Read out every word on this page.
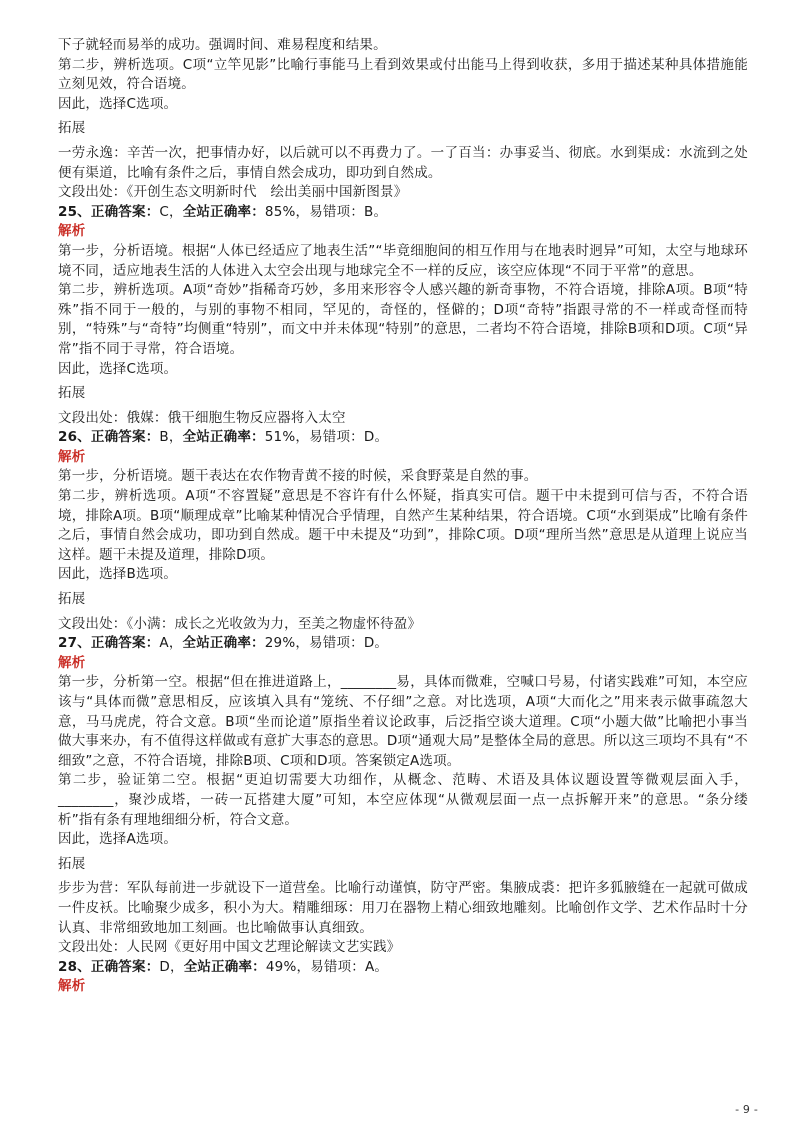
下子就轻而易举的成功。强调时间、难易程度和结果。

第二步，辨析选项。C项“立竿见影”比喻行事能马上看到效果或付出能马上得到收获，多用于描述某种具体措施能立刻见效，符合语境。

因此，选择C选项。

拓展

一劳永逸：辛苦一次，把事情办好，以后就可以不再费力了。一了百当：办事妥当、彻底。水到渠成：水流到之处便有渠道，比喻有条件之后，事情自然会成功，即功到自然成。

文段出处：《开创生态文明新时代　绘出美丽中国新图景》

25、正确答案：C，全站正确率：85%，易错项：B。

解析

第一步，分析语境。根据“人体已经适应了地表生活”“毕竟细胞间的相互作用与在地表时迥异”可知，太空与地球环境不同，适应地表生活的人体进入太空会出现与地球完全不一样的反应，该空应体现“不同于平常”的意思。

第二步，辨析选项。A项“奇妙”指稀奇巧妙，多用来形容令人感兴趣的新奇事物，不符合语境，排除A项。B项“特殊”指不同于一般的，与别的事物不相同，罕见的，奇怪的，怪僻的；D项“奇特”指跟寻常的不一样或奇怪而特别，“特殊”与“奇特”均侧重“特别”，而文中并未体现“特别”的意思，二者均不符合语境，排除B项和D项。C项“异常”指不同于寻常，符合语境。

因此，选择C选项。

拓展

文段出处：俄媒：俄干细胞生物反应器将入太空

26、正确答案：B，全站正确率：51%，易错项：D。

解析

第一步，分析语境。题干表达在农作物青黄不接的时候，采食野菜是自然的事。

第二步，辨析选项。A项“不容置疑”意思是不容许有什么怀疑，指真实可信。题干中未提到可信与否，不符合语境，排除A项。B项“顺理成章”比喻某种情况合乎情理，自然产生某种结果，符合语境。C项“水到渠成”比喻有条件之后，事情自然会成功，即功到自然成。题干中未提及“功到”，排除C项。D项“理所当然”意思是从道理上说应当这样。题干未提及道理，排除D项。

因此，选择B选项。

拓展

文段出处：《小满：成长之光收敛为力，至美之物虚怀待盈》

27、正确答案：A，全站正确率：29%，易错项：D。

解析

第一步，分析第一空。根据“但在推进道路上，________易，具体而微难，空喊口号易，付诸实践难”可知，本空应该与“具体而微”意思相反，应该填入具有“笼统、不仔细”之意。对比选项，A项“大而化之”用来表示做事疏忽大意，马马虎虎，符合文意。B项“坐而论道”原指坐着议论政事，后泛指空谈大道理。C项“小题大做”比喻把小事当做大事来办，有不值得这样做或有意扩大事态的意思。D项“通观大局”是整体全局的意思。所以这三项均不具有“不细致”之意，不符合语境，排除B项、C项和D项。答案锁定A选项。

第二步，验证第二空。根据“更迫切需要大功细作，从概念、范畴、术语及具体议题设置等微观层面入手，________，聚沙成塔，一砖一瓦搭建大厦”可知，本空应体现“从微观层面一点一点拆解开来”的意思。“条分缕析”指有条有理地细细分析，符合文意。

因此，选择A选项。

拓展

步步为营：军队每前进一步就设下一道营垒。比喻行动谨慎，防守严密。集腋成裘：把许多狐腋缝在一起就可做成一件皮袄。比喻聚少成多，积小为大。精雕细琢：用刀在器物上精心细致地雕刻。比喻创作文学、艺术作品时十分认真、非常细致地加工刻画。也比喻做事认真细致。

文段出处：人民网《更好用中国文艺理论解读文艺实践》

28、正确答案：D，全站正确率：49%，易错项：A。

解析

- 9 -
